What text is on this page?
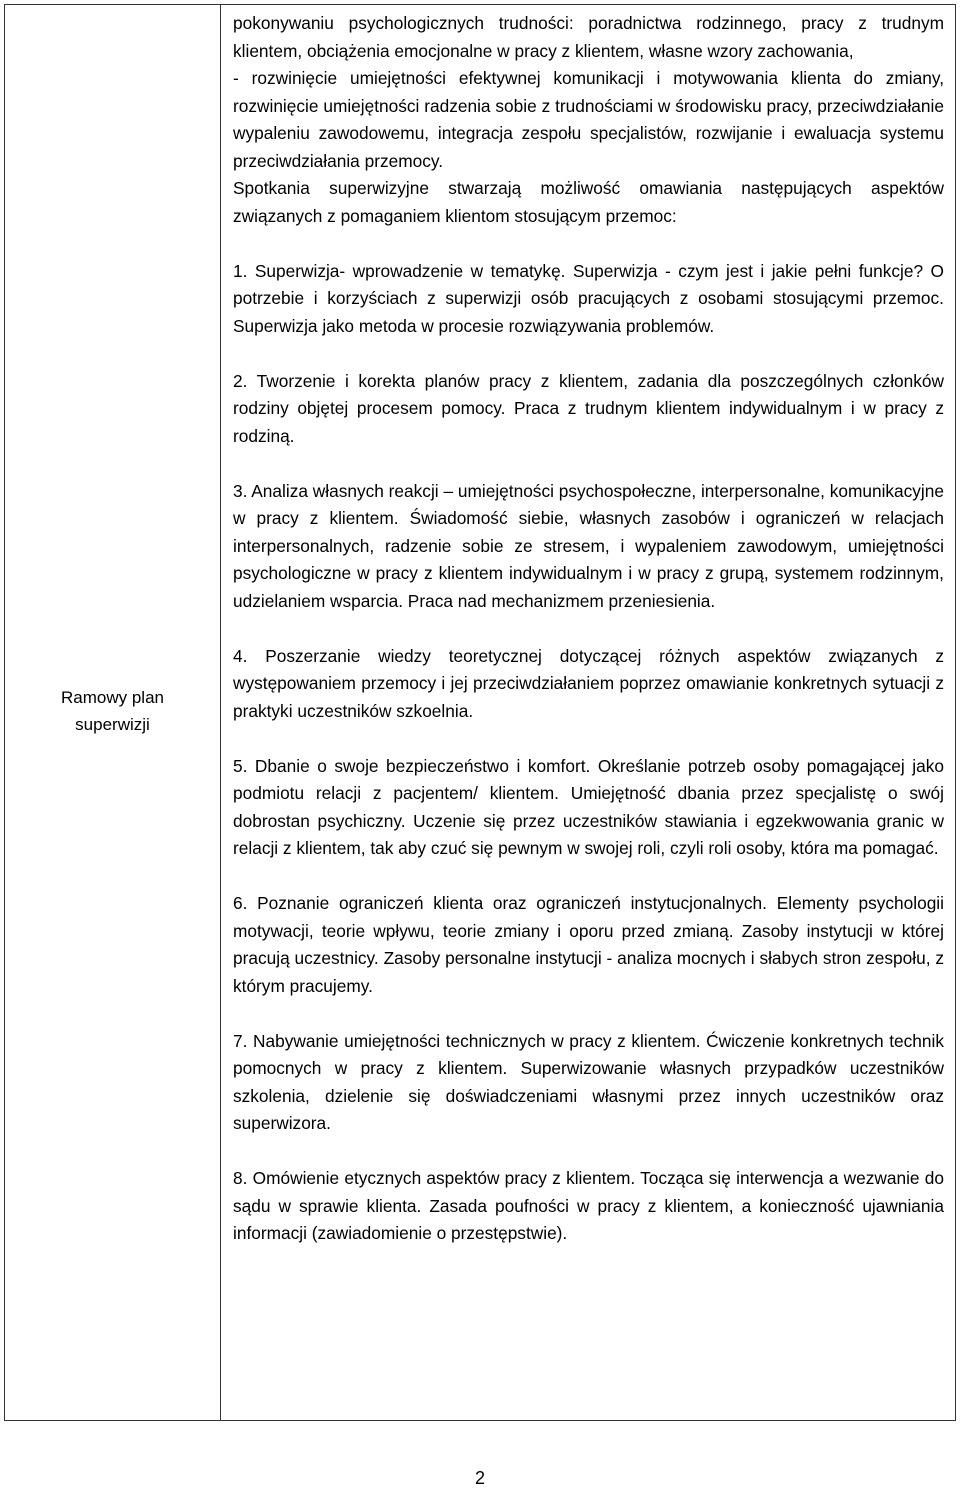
Ramowy plan
superwizji

pokonywaniu psychologicznych trudności: poradnictwa rodzinnego, pracy z trudnym klientem, obciążenia emocjonalne w pracy z klientem, własne wzory zachowania,

- rozwinięcie umiejętności efektywnej komunikacji i motywowania klienta do zmiany, rozwinięcie umiejętności radzenia sobie z trudnościami w środowisku pracy, przeciwdziałanie wypaleniu zawodowemu, integracja zespołu specjalistów, rozwijanie i ewaluacja systemu przeciwdziałania przemocy.

Spotkania superwizyjne stwarzają możliwość omawiania następujących aspektów związanych z pomaganiem klientom stosującym przemoc:

1. Superwizja- wprowadzenie w tematykę. Superwizja - czym jest i jakie pełni funkcje? O potrzebie i korzyściach z superwizji osób pracujących z osobami stosującymi przemoc. Superwizja jako metoda w procesie rozwiązywania problemów.

2. Tworzenie i korekta planów pracy z klientem, zadania dla poszczególnych członków rodziny objętej procesem pomocy. Praca z trudnym klientem indywidualnym i w pracy z rodziną.

3. Analiza własnych reakcji – umiejętności psychospołeczne, interpersonalne, komunikacyjne w pracy z klientem. Świadomość siebie, własnych zasobów i ograniczeń w relacjach interpersonalnych, radzenie sobie ze stresem, i wypaleniem zawodowym, umiejętności psychologiczne w pracy z klientem indywidualnym i w pracy z grupą, systemem rodzinnym, udzielaniem wsparcia. Praca nad mechanizmem przeniesienia.

4. Poszerzanie wiedzy teoretycznej dotyczącej różnych aspektów związanych z występowaniem przemocy i jej przeciwdziałaniem poprzez omawianie konkretnych sytuacji z praktyki uczestników szkoelnia.

5. Dbanie o swoje bezpieczeństwo i komfort. Określanie potrzeb osoby pomagającej jako podmiotu relacji z pacjentem/ klientem. Umiejętność dbania przez specjalistę o swój dobrostan psychiczny. Uczenie się przez uczestników stawiania i egzekwowania granic w relacji z klientem, tak aby czuć się pewnym w swojej roli, czyli roli osoby, która ma pomagać.

6. Poznanie ograniczeń klienta oraz ograniczeń instytucjonalnych. Elementy psychologii motywacji, teorie wpływu, teorie zmiany i oporu przed zmianą. Zasoby instytucji w której pracują uczestnicy. Zasoby personalne instytucji - analiza mocnych i słabych stron zespołu, z którym pracujemy.

7. Nabywanie umiejętności technicznych w pracy z klientem. Ćwiczenie konkretnych technik pomocnych w pracy z klientem. Superwizowanie własnych przypadków uczestników szkolenia, dzielenie się doświadczeniami własnymi przez innych uczestników oraz superwizora.

8. Omówienie etycznych aspektów pracy z klientem. Tocząca się interwencja a wezwanie do sądu w sprawie klienta. Zasada poufności w pracy z klientem, a konieczność ujawniania informacji (zawiadomienie o przestępstwie).

2
